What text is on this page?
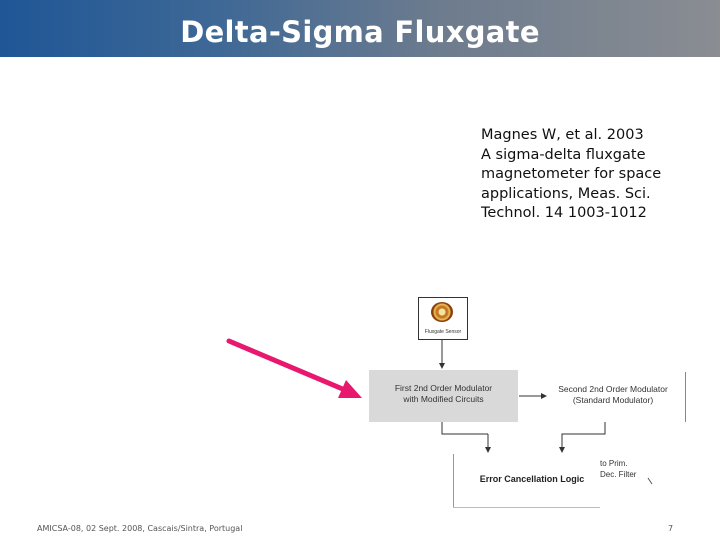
Delta-Sigma Fluxgate
Magnes W, et al. 2003
A sigma-delta fluxgate
magnetometer for space
applications, Meas. Sci.
Technol. 14 1003-1012
Fluxgate Sensor
First 2nd Order Modulator
with Modified Circuits
Second 2nd Order Modulator
(Standard Modulator)
Error Cancellation Logic
to Prim.
Dec. Filter
AMICSA-08, 02 Sept. 2008, Cascais/Sintra, Portugal	7
